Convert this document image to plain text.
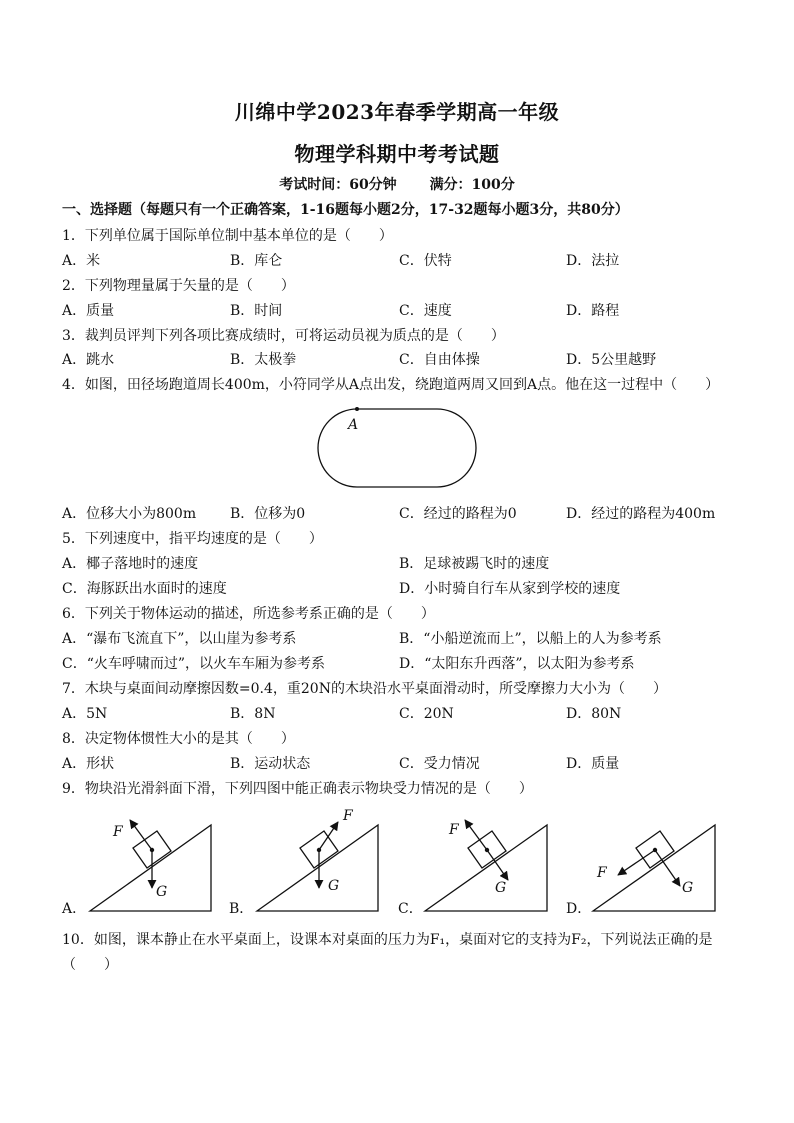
川绵中学2023年春季学期高一年级
物理学科期中考考试题
考试时间：60分钟 满分：100分
一、选择题（每题只有一个正确答案，1-16题每小题2分，17-32题每小题3分，共80分）
1．下列单位属于国际单位制中基本单位的是（　　）
A．米	B．库仑	C．伏特	D．法拉
2．下列物理量属于矢量的是（　　）
A．质量	B．时间	C．速度	D．路程
3．裁判员评判下列各项比赛成绩时，可将运动员视为质点的是（　　）
A．跳水	B．太极拳	C．自由体操	D．5公里越野
4．如图，田径场跑道周长400m，小符同学从A点出发，绕跑道两周又回到A点。他在这一过程中（　　）
A
A．位移大小为800m B．位移为0	C．经过的路程为0	D．经过的路程为400m
5．下列速度中，指平均速度的是（　　）
A．椰子落地时的速度	B．足球被踢飞时的速度
C．海豚跃出水面时的速度	D．小时骑自行车从家到学校的速度
6．下列关于物体运动的描述，所选参考系正确的是（　　）
A．“瀑布飞流直下”，以山崖为参考系	B．“小船逆流而上”，以船上的人为参考系
C．“火车呼啸而过”，以火车车厢为参考系	D．“太阳东升西落”，以太阳为参考系
7．木块与桌面间动摩擦因数=0.4，重20N的木块沿水平桌面滑动时，所受摩擦力大小为（　　）
A．5N	B．8N	C．20N	D．80N
8．决定物体惯性大小的是其（　　）
A．形状	B．运动状态	C．受力情况	D．质量
9．物块沿光滑斜面下滑，下列四图中能正确表示物块受力情况的是（　　）
F
G
A．
F
G
B．
F
G
C．
F
G
D．
10．如图，课本静止在水平桌面上，设课本对桌面的压力为F₁，桌面对它的支持为F₂，下列说法正确的是
（　　）
